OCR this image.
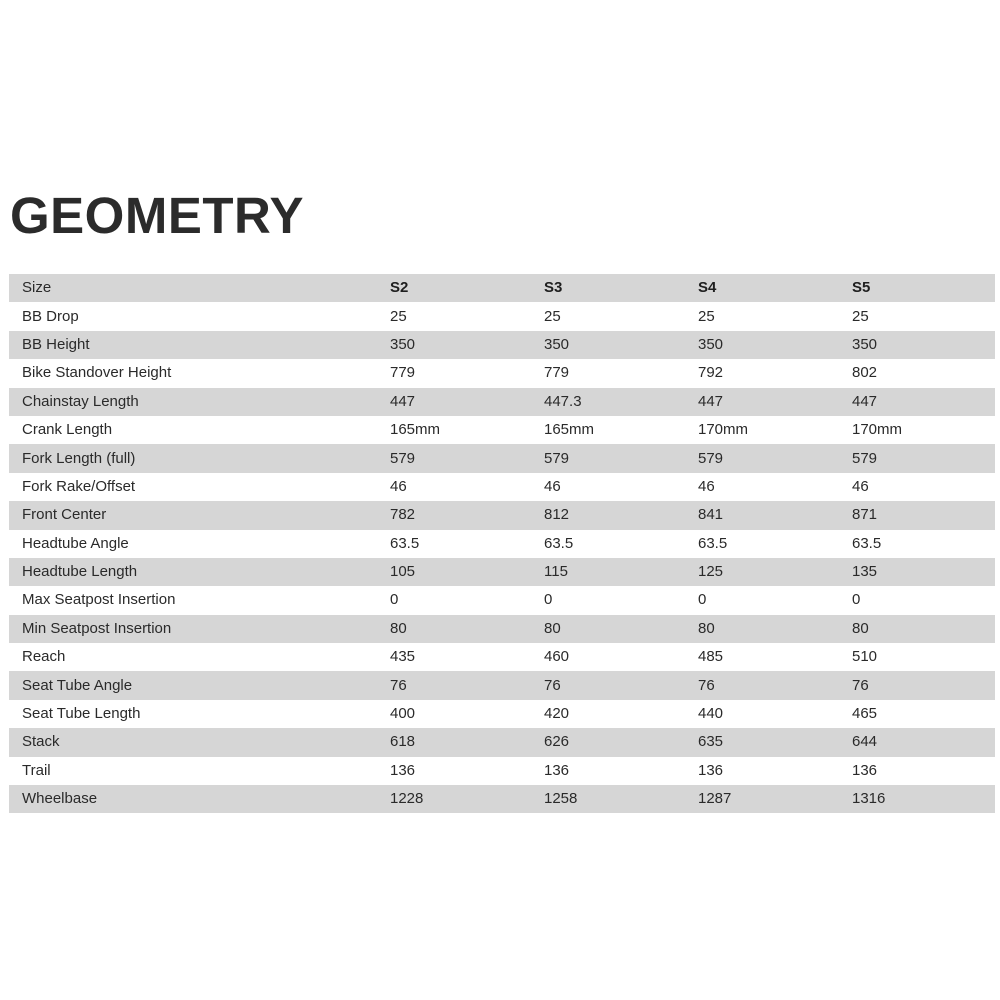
GEOMETRY
Size	S2	S3	S4	S5
BB Drop	25	25	25	25
BB Height	350	350	350	350
Bike Standover Height	779	779	792	802
Chainstay Length	447	447.3	447	447
Crank Length	165mm	165mm	170mm	170mm
Fork Length (full)	579	579	579	579
Fork Rake/Offset	46	46	46	46
Front Center	782	812	841	871
Headtube Angle	63.5	63.5	63.5	63.5
Headtube Length	105	115	125	135
Max Seatpost Insertion	0	0	0	0
Min Seatpost Insertion	80	80	80	80
Reach	435	460	485	510
Seat Tube Angle	76	76	76	76
Seat Tube Length	400	420	440	465
Stack	618	626	635	644
Trail	136	136	136	136
Wheelbase	1228	1258	1287	1316
